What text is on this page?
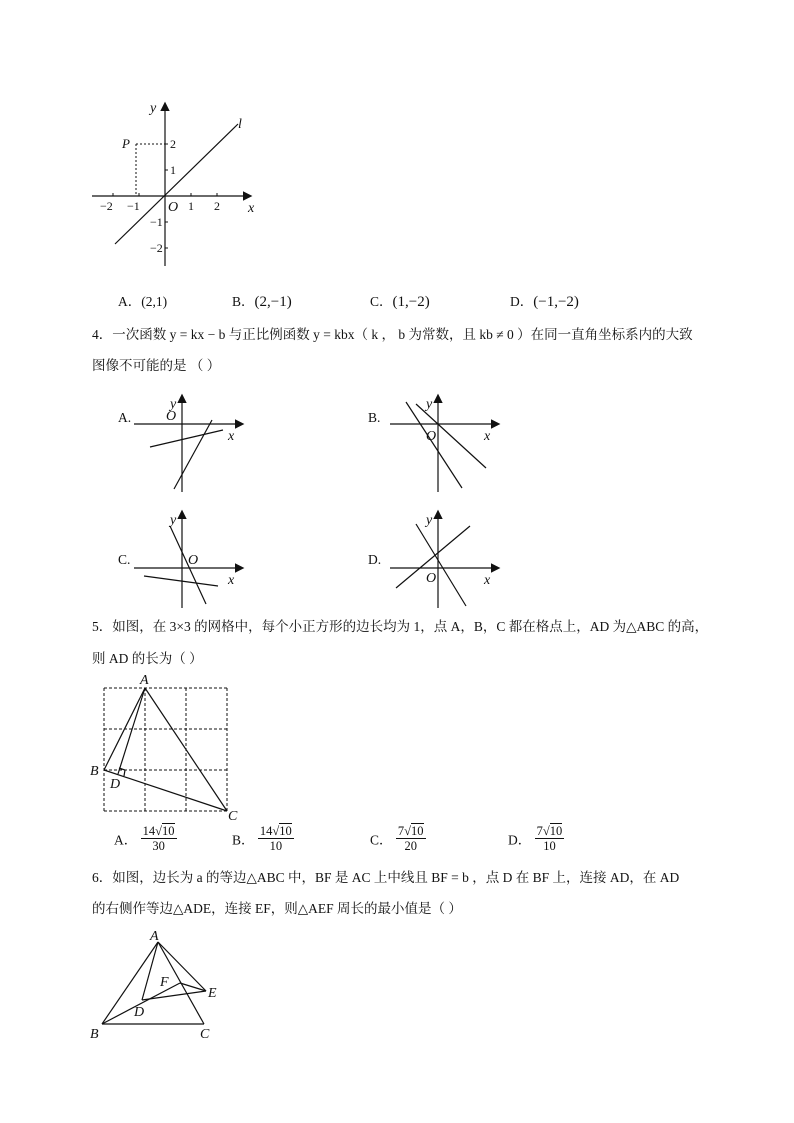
P
y
x
l
O
−2 −1	1 2
2
1
−1
−2
A．(2,1)	B．(2,−1)	C．(1,−2)	D．(−1,−2)
4．一次函数 y = kx − b 与正比例函数 y = kbx（ k ， b 为常数，且 kb ≠ 0 ）在同一直角坐标系内的大致
图像不可能的是 （ ）
A. O
x
y
B.
O	x
y
C.	O
x
y
D.
O	x
y
5．如图，在 3×3 的网格中，每个小正方形的边长均为 1，点 A，B，C 都在格点上，AD 为△ABC 的高，
则 AD 的长为（ ）
A
B
C
D
A． $\frac{14√10}{30}$	B． $\frac{14√10}{10}$	C． $\frac{7√10}{20}$	D． $\frac{7√10}{10}$
6．如图，边长为 a 的等边△ABC 中，BF 是 AC 上中线且 BF = b ，点 D 在 BF 上，连接 AD，在 AD
的右侧作等边△ADE，连接 EF，则△AEF 周长的最小值是（ ）
A
B	C
D
E
F
